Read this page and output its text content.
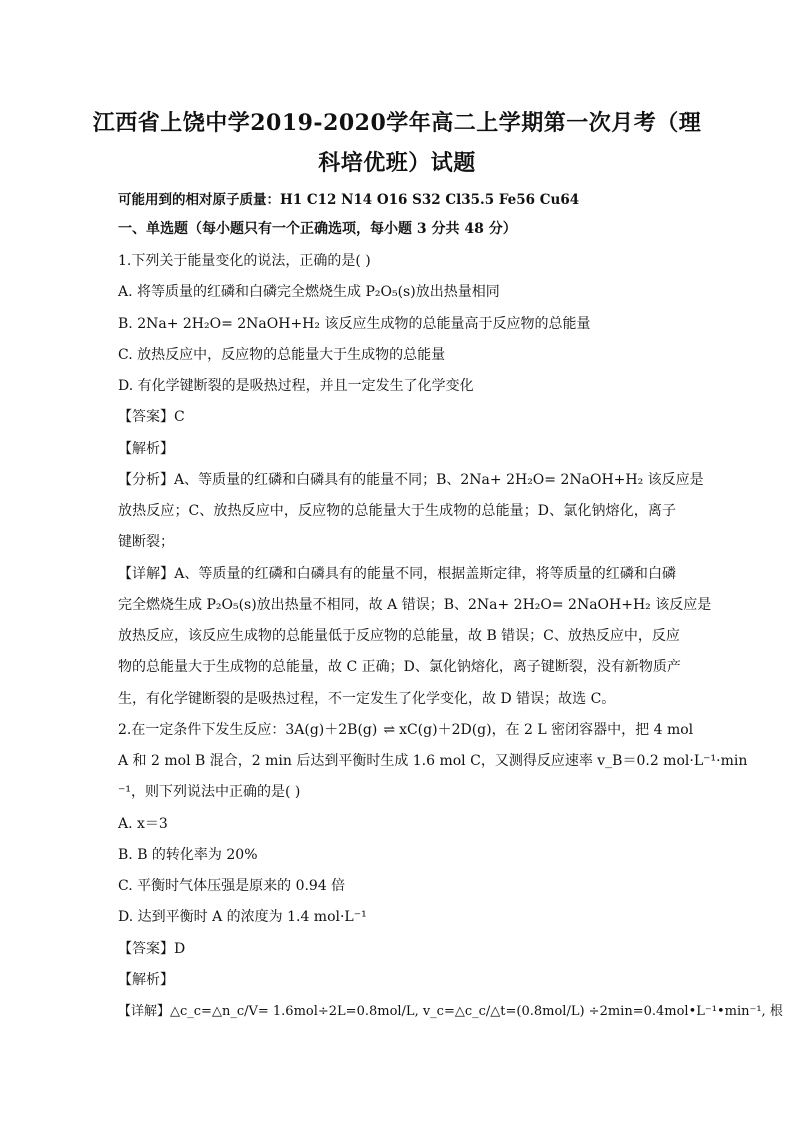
江西省上饶中学2019-2020学年高二上学期第一次月考（理
科培优班）试题
可能用到的相对原子质量：H1 C12 N14 O16 S32 Cl35.5 Fe56 Cu64
一、单选题（每小题只有一个正确选项，每小题 3 分共 48 分）
1.下列关于能量变化的说法，正确的是( )
A. 将等质量的红磷和白磷完全燃烧生成 P₂O₅(s)放出热量相同
B. 2Na+ 2H₂O= 2NaOH+H₂ 该反应生成物的总能量高于反应物的总能量
C. 放热反应中，反应物的总能量大于生成物的总能量
D. 有化学键断裂的是吸热过程，并且一定发生了化学变化
【答案】C
【解析】
【分析】A、等质量的红磷和白磷具有的能量不同；B、2Na+ 2H₂O= 2NaOH+H₂ 该反应是
放热反应；C、放热反应中，反应物的总能量大于生成物的总能量；D、氯化钠熔化，离子
键断裂；
【详解】A、等质量的红磷和白磷具有的能量不同，根据盖斯定律，将等质量的红磷和白磷
完全燃烧生成 P₂O₅(s)放出热量不相同，故 A 错误；B、2Na+ 2H₂O= 2NaOH+H₂ 该反应是
放热反应，该反应生成物的总能量低于反应物的总能量，故 B 错误；C、放热反应中，反应
物的总能量大于生成物的总能量，故 C 正确；D、氯化钠熔化，离子键断裂，没有新物质产
生，有化学键断裂的是吸热过程，不一定发生了化学变化，故 D 错误；故选 C。
2.在一定条件下发生反应：3A(g)＋2B(g) ⇌ xC(g)＋2D(g)，在 2 L 密闭容器中，把 4 mol
A 和 2 mol B 混合，2 min 后达到平衡时生成 1.6 mol C，又测得反应速率 v_B＝0.2 mol·L⁻¹·min
⁻¹，则下列说法中正确的是( )
A. x＝3
B. B 的转化率为 20%
C. 平衡时气体压强是原来的 0.94 倍
D. 达到平衡时 A 的浓度为 1.4 mol·L⁻¹
【答案】D
【解析】
【详解】△c_c=△n_c/V= 1.6mol÷2L=0.8mol/L, v_c=△c_c/△t=(0.8mol/L) ÷2min=0.4mol•L⁻¹•min⁻¹, 根
